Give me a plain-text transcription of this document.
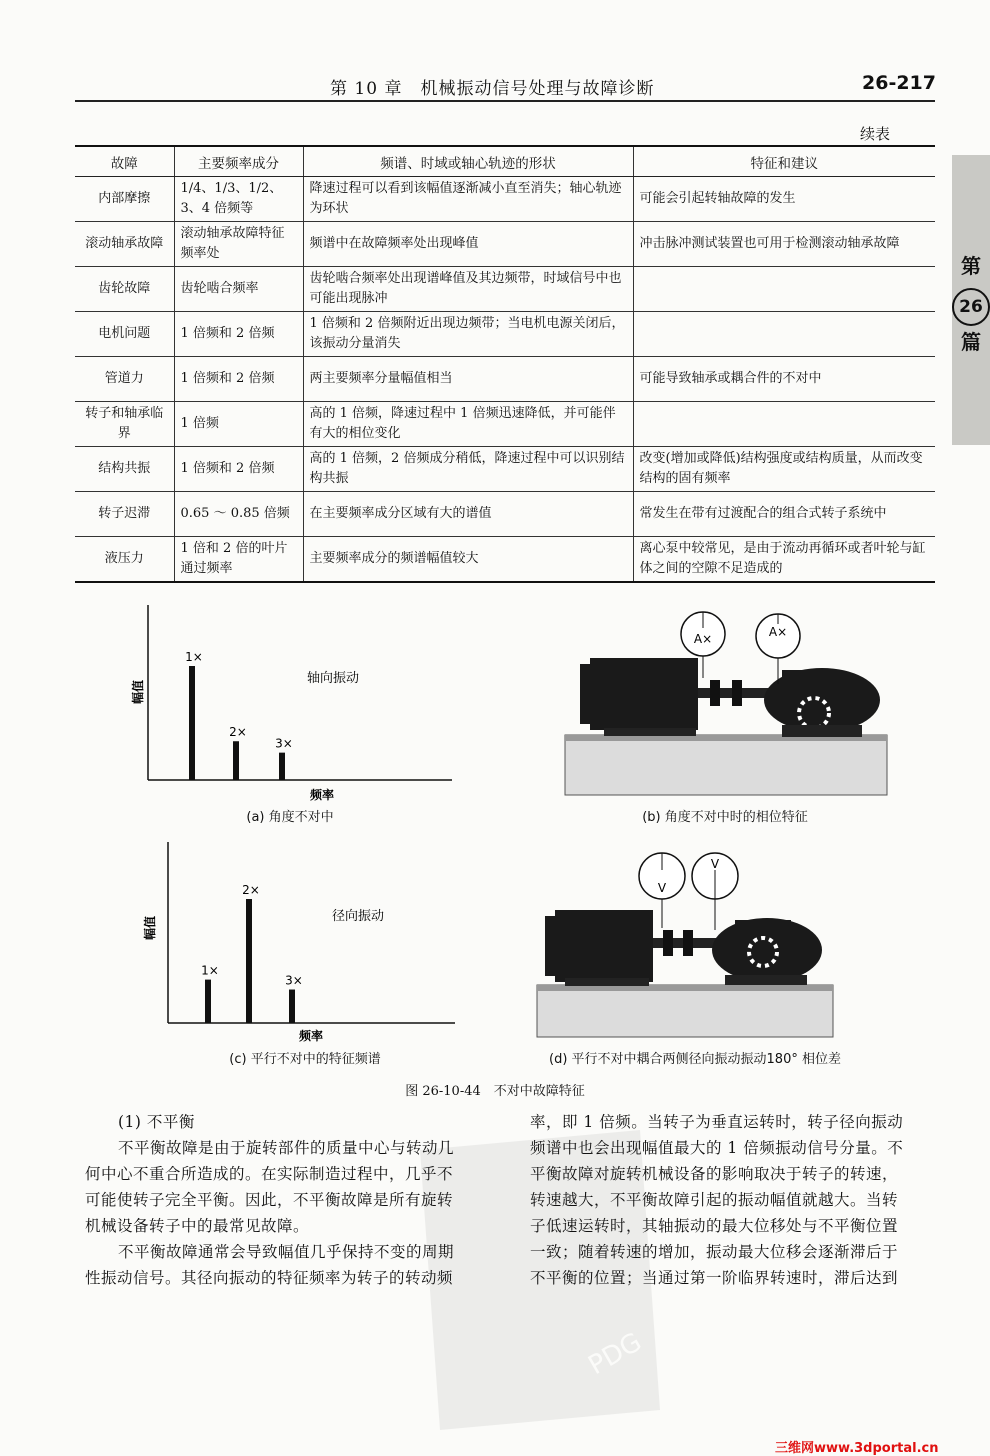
第 10 章　机械振动信号处理与故障诊断	26-217
第
26
篇
续表
故障	主要频率成分	频谱、时域或轴心轨迹的形状	特征和建议
内部摩擦	1/4、1/3、1/2、3、4 倍频等	降速过程可以看到该幅值逐渐减小直至消失；轴心轨迹为环状	可能会引起转轴故障的发生
滚动轴承故障	滚动轴承故障特征频率处	频谱中在故障频率处出现峰值	冲击脉冲测试装置也可用于检测滚动轴承故障
齿轮故障	齿轮啮合频率	齿轮啮合频率处出现谱峰值及其边频带，时域信号中也可能出现脉冲	
电机问题	1 倍频和 2 倍频	1 倍频和 2 倍频附近出现边频带；当电机电源关闭后，该振动分量消失	
管道力	1 倍频和 2 倍频	两主要频率分量幅值相当	可能导致轴承或耦合件的不对中
转子和轴承临界	1 倍频	高的 1 倍频，降速过程中 1 倍频迅速降低，并可能伴有大的相位变化	
结构共振	1 倍频和 2 倍频	高的 1 倍频，2 倍频成分稍低，降速过程中可以识别结构共振	改变(增加或降低)结构强度或结构质量，从而改变结构的固有频率
转子迟滞	0.65 ～ 0.85 倍频	在主要频率成分区域有大的谱值	常发生在带有过渡配合的组合式转子系统中
液压力	1 倍和 2 倍的叶片通过频率	主要频率成分的频谱幅值较大	离心泵中较常见，是由于流动再循环或者叶轮与缸体之间的空隙不足造成的
幅值
频率
轴向振动
1×
2×
3×
(a) 角度不对中
A×	A×
(b) 角度不对中时的相位特征
幅值
频率
径向振动
1×
2×
3×
(c) 平行不对中的特征频谱
V
V
(d) 平行不对中耦合两侧径向振动振动180° 相位差
图 26-10-44　不对中故障特征
PDG
(1) 不平衡
不平衡故障是由于旋转部件的质量中心与转动几
何中心不重合所造成的。在实际制造过程中，几乎不
可能使转子完全平衡。因此，不平衡故障是所有旋转
机械设备转子中的最常见故障。
不平衡故障通常会导致幅值几乎保持不变的周期
性振动信号。其径向振动的特征频率为转子的转动频
率，即 1 倍频。当转子为垂直运转时，转子径向振动
频谱中也会出现幅值最大的 1 倍频振动信号分量。不
平衡故障对旋转机械设备的影响取决于转子的转速，
转速越大，不平衡故障引起的振动幅值就越大。当转
子低速运转时，其轴振动的最大位移处与不平衡位置
一致；随着转速的增加，振动最大位移会逐渐滞后于
不平衡的位置；当通过第一阶临界转速时，滞后达到
三维网www.3dportal.cn
